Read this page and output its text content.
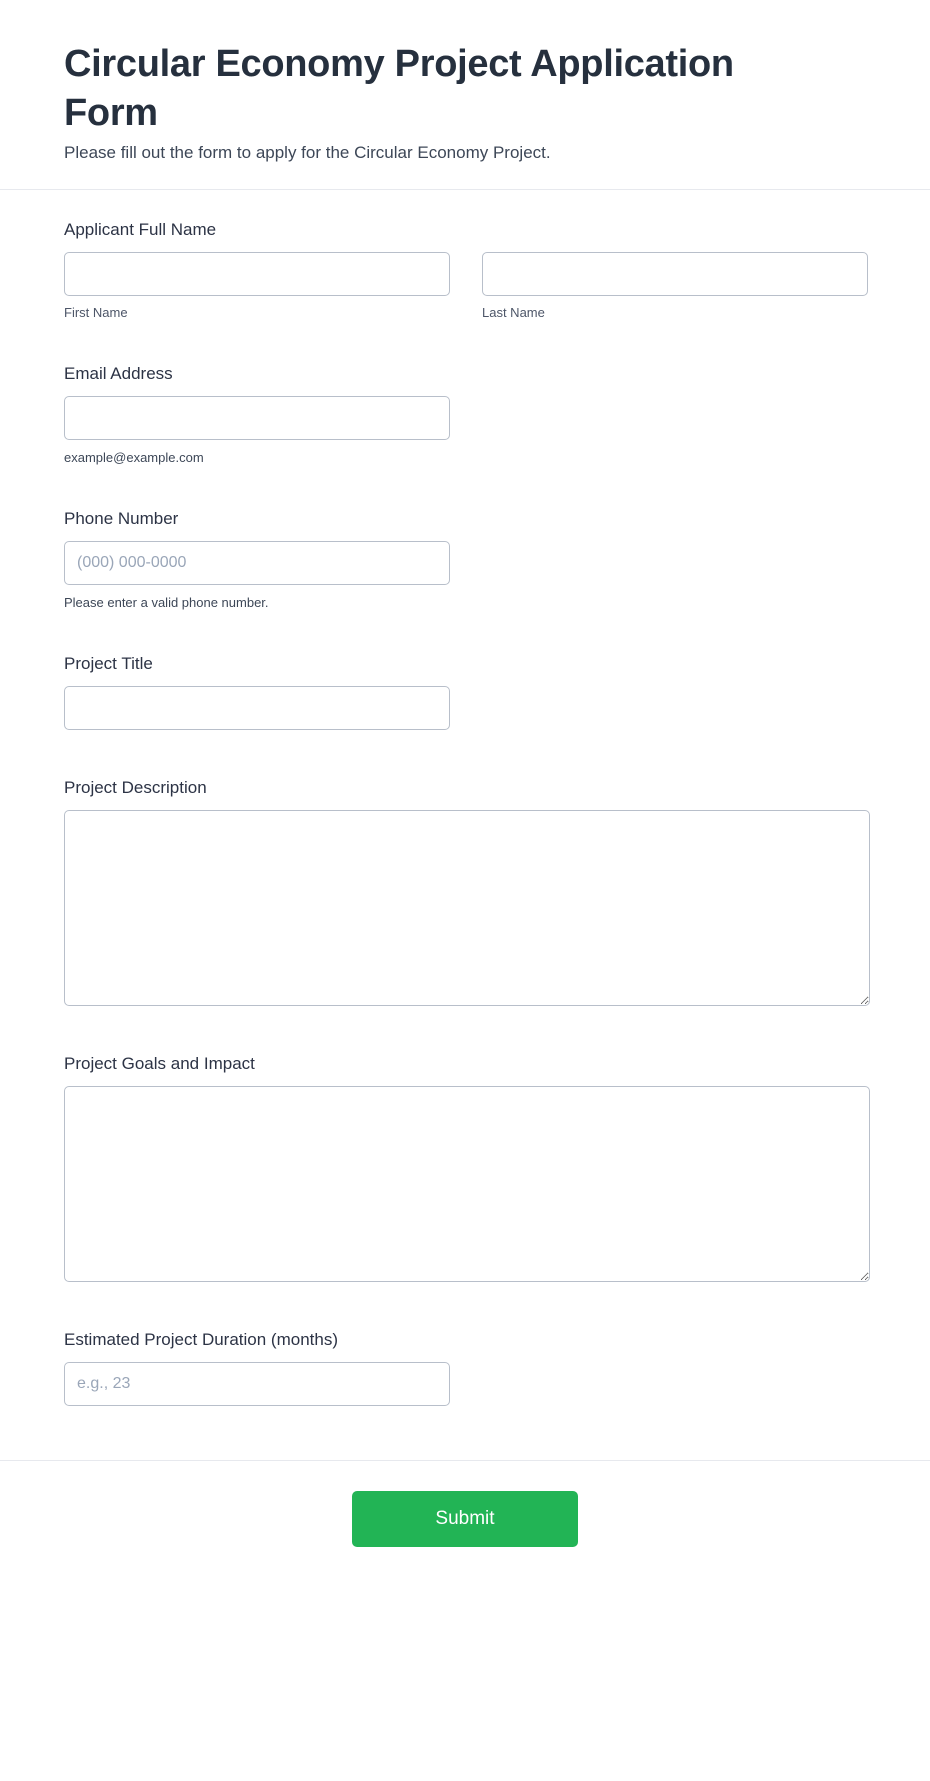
Circular Economy Project Application Form

Please fill out the form to apply for the Circular Economy Project.

Applicant Full Name
First Name	Last Name
Email Address
example@example.com
Phone Number
(000) 000-0000
Please enter a valid phone number.
Project Title
Project Description
Project Goals and Impact
Estimated Project Duration (months)
e.g., 23
Submit
